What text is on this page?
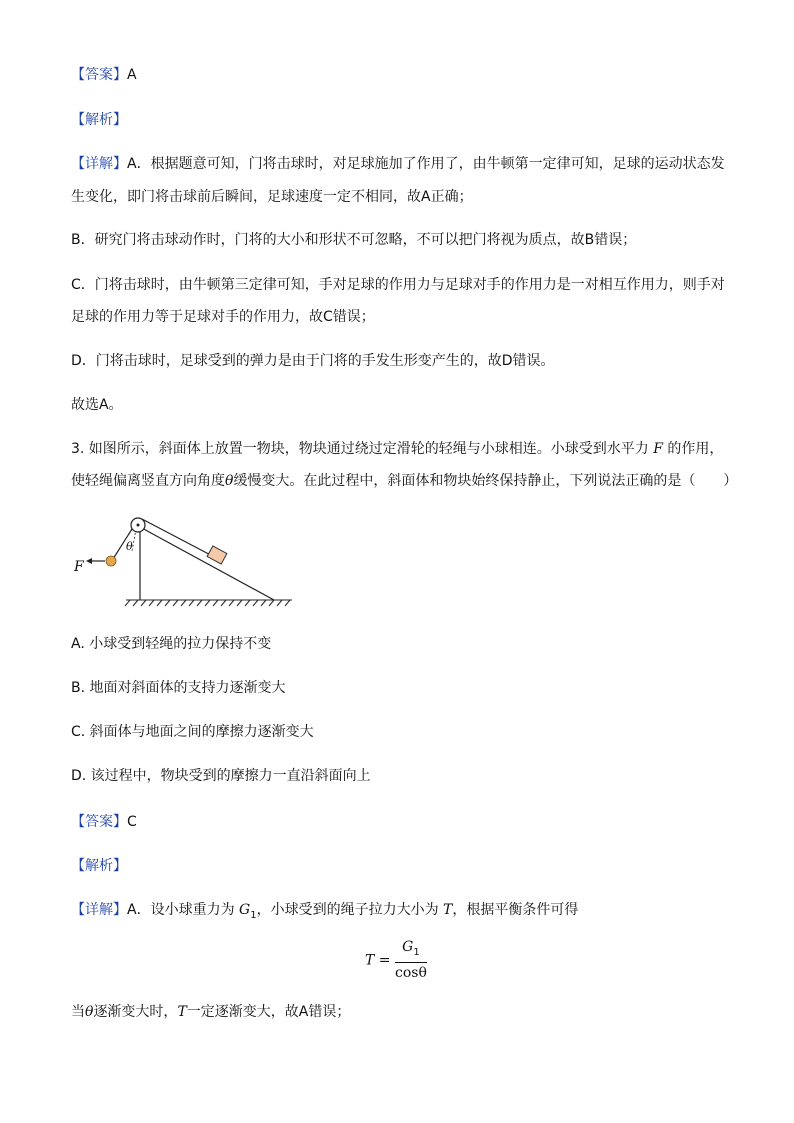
【答案】A
【解析】
【详解】A．根据题意可知，门将击球时，对足球施加了作用了，由牛顿第一定律可知，足球的运动状态发
生变化，即门将击球前后瞬间，足球速度一定不相同，故A正确；
B．研究门将击球动作时，门将的大小和形状不可忽略，不可以把门将视为质点，故B错误；
C．门将击球时，由牛顿第三定律可知，手对足球的作用力与足球对手的作用力是一对相互作用力，则手对
足球的作用力等于足球对手的作用力，故C错误；
D．门将击球时，足球受到的弹力是由于门将的手发生形变产生的，故D错误。
故选A。
3. 如图所示，斜面体上放置一物块，物块通过绕过定滑轮的轻绳与小球相连。小球受到水平力 F 的作用，
使轻绳偏离竖直方向角度θ缓慢变大。在此过程中，斜面体和物块始终保持静止，下列说法正确的是（　　）
F
θ
A. 小球受到轻绳的拉力保持不变
B. 地面对斜面体的支持力逐渐变大
C. 斜面体与地面之间的摩擦力逐渐变大
D. 该过程中，物块受到的摩擦力一直沿斜面向上
【答案】C
【解析】
【详解】A．设小球重力为 $G_1$，小球受到的绳子拉力大小为 T，根据平衡条件可得
$T = \frac{G_1}{\cos\theta}$
当θ逐渐变大时，T一定逐渐变大，故A错误；
